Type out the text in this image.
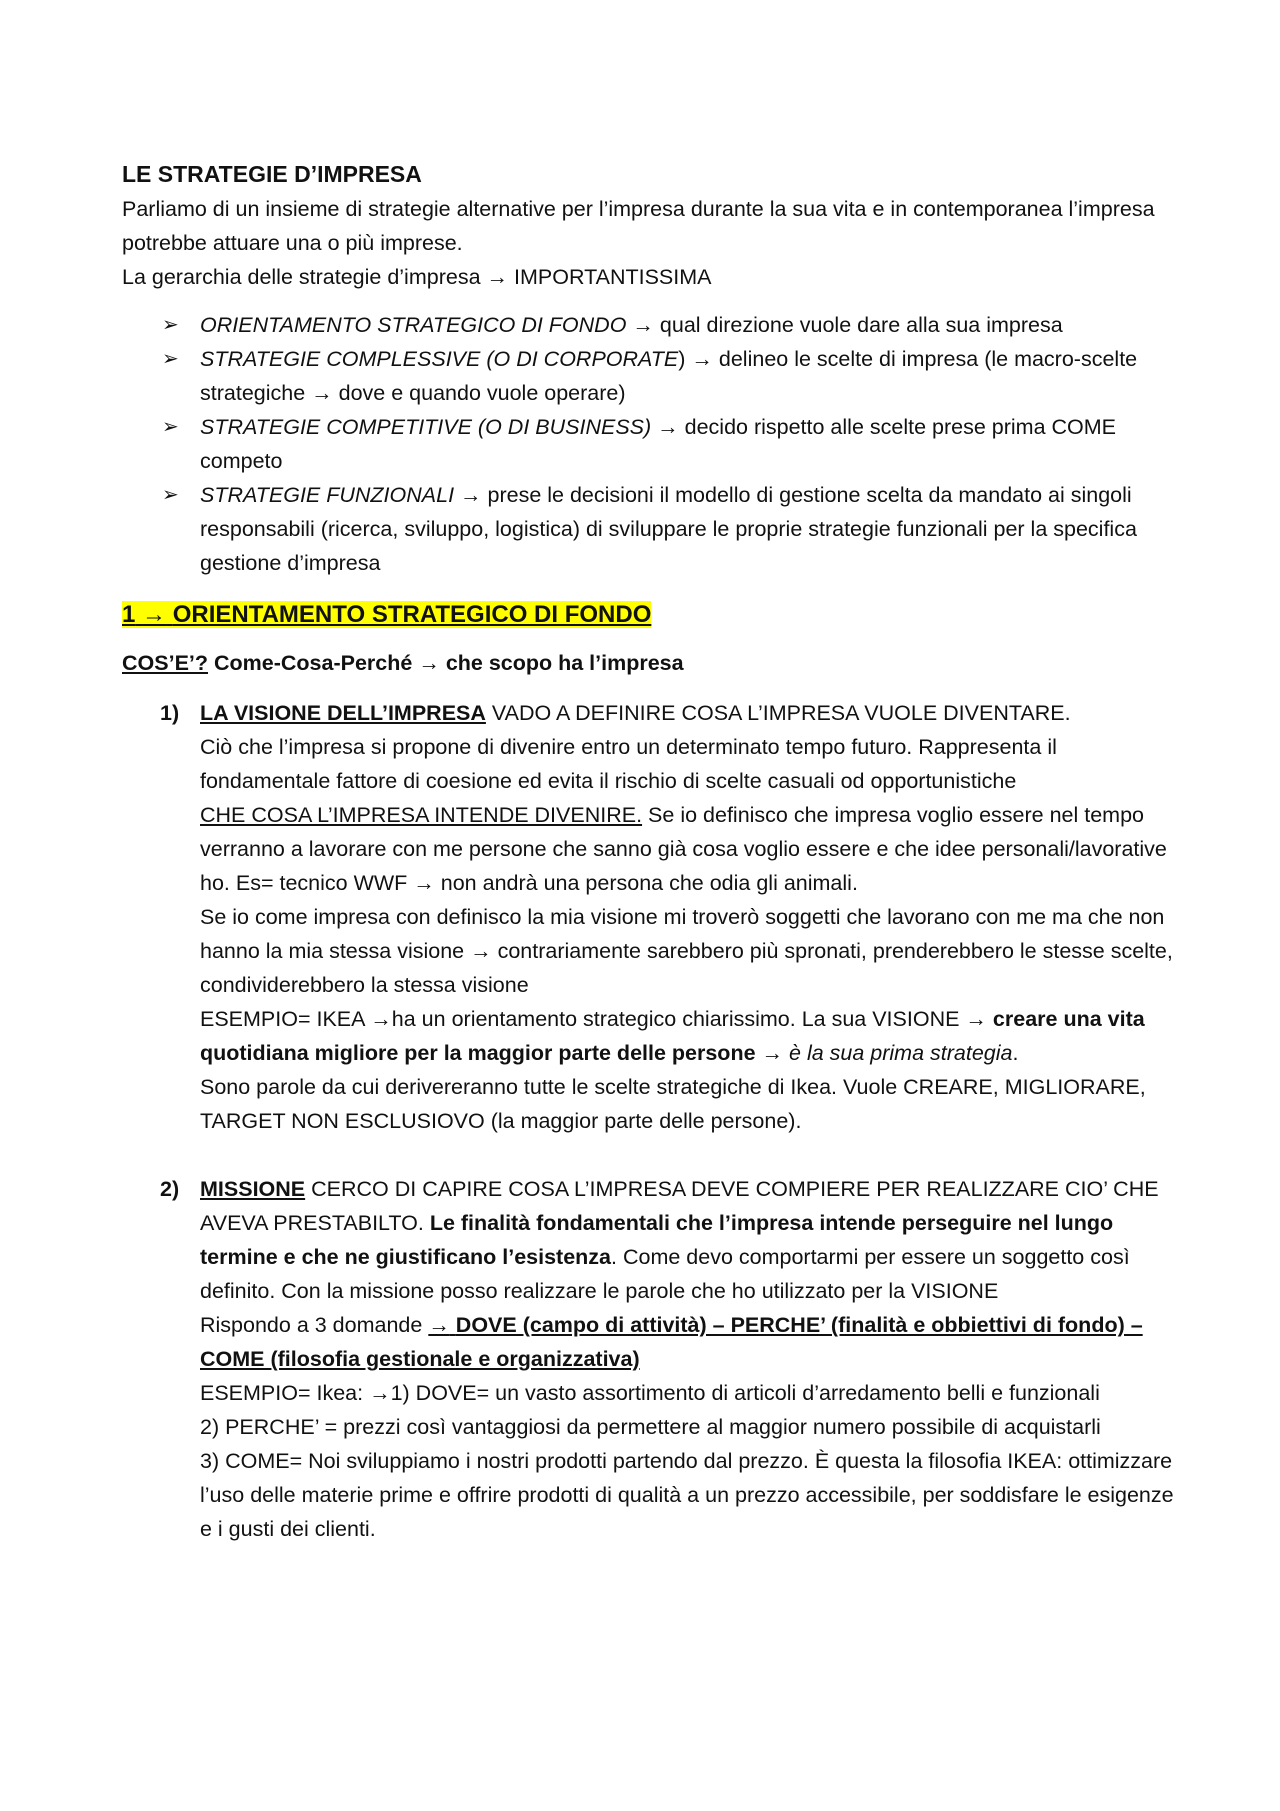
LE STRATEGIE D’IMPRESA

Parliamo di un insieme di strategie alternative per l’impresa durante la sua vita e in contemporanea l’impresa potrebbe attuare una o più imprese.
La gerarchia delle strategie d’impresa → IMPORTANTISSIMA

➢ ORIENTAMENTO STRATEGICO DI FONDO → qual direzione vuole dare alla sua impresa
➢ STRATEGIE COMPLESSIVE (O DI CORPORATE) → delineo le scelte di impresa (le macro-scelte strategiche → dove e quando vuole operare)
➢ STRATEGIE COMPETITIVE (O DI BUSINESS) → decido rispetto alle scelte prese prima COME competo
➢ STRATEGIE FUNZIONALI → prese le decisioni il modello di gestione scelta da mandato ai singoli responsabili (ricerca, sviluppo, logistica) di sviluppare le proprie strategie funzionali per la specifica gestione d’impresa

1 → ORIENTAMENTO STRATEGICO DI FONDO

COS’E’? Come-Cosa-Perché → che scopo ha l’impresa

1) LA VISIONE DELL’IMPRESA VADO A DEFINIRE COSA L’IMPRESA VUOLE DIVENTARE.
Ciò che l’impresa si propone di divenire entro un determinato tempo futuro. Rappresenta il fondamentale fattore di coesione ed evita il rischio di scelte casuali od opportunistiche
CHE COSA L’IMPRESA INTENDE DIVENIRE. Se io definisco che impresa voglio essere nel tempo verranno a lavorare con me persone che sanno già cosa voglio essere e che idee personali/lavorative ho. Es= tecnico WWF → non andrà una persona che odia gli animali.
Se io come impresa con definisco la mia visione mi troverò soggetti che lavorano con me ma che non hanno la mia stessa visione → contrariamente sarebbero più spronati, prenderebbero le stesse scelte, condividerebbero la stessa visione
ESEMPIO= IKEA →ha un orientamento strategico chiarissimo. La sua VISIONE → creare una vita quotidiana migliore per la maggior parte delle persone → è la sua prima strategia.
Sono parole da cui derivereranno tutte le scelte strategiche di Ikea. Vuole CREARE, MIGLIORARE, TARGET NON ESCLUSIOVO (la maggior parte delle persone).
2) MISSIONE CERCO DI CAPIRE COSA L’IMPRESA DEVE COMPIERE PER REALIZZARE CIO’ CHE AVEVA PRESTABILTO. Le finalità fondamentali che l’impresa intende perseguire nel lungo termine e che ne giustificano l’esistenza. Come devo comportarmi per essere un soggetto così definito. Con la missione posso realizzare le parole che ho utilizzato per la VISIONE
Rispondo a 3 domande → DOVE (campo di attività) – PERCHE’ (finalità e obbiettivi di fondo) – COME (filosofia gestionale e organizzativa)
ESEMPIO= Ikea: →1) DOVE= un vasto assortimento di articoli d’arredamento belli e funzionali
2) PERCHE’ = prezzi così vantaggiosi da permettere al maggior numero possibile di acquistarli
3) COME= Noi sviluppiamo i nostri prodotti partendo dal prezzo. È questa la filosofia IKEA: ottimizzare l’uso delle materie prime e offrire prodotti di qualità a un prezzo accessibile, per soddisfare le esigenze e i gusti dei clienti.
